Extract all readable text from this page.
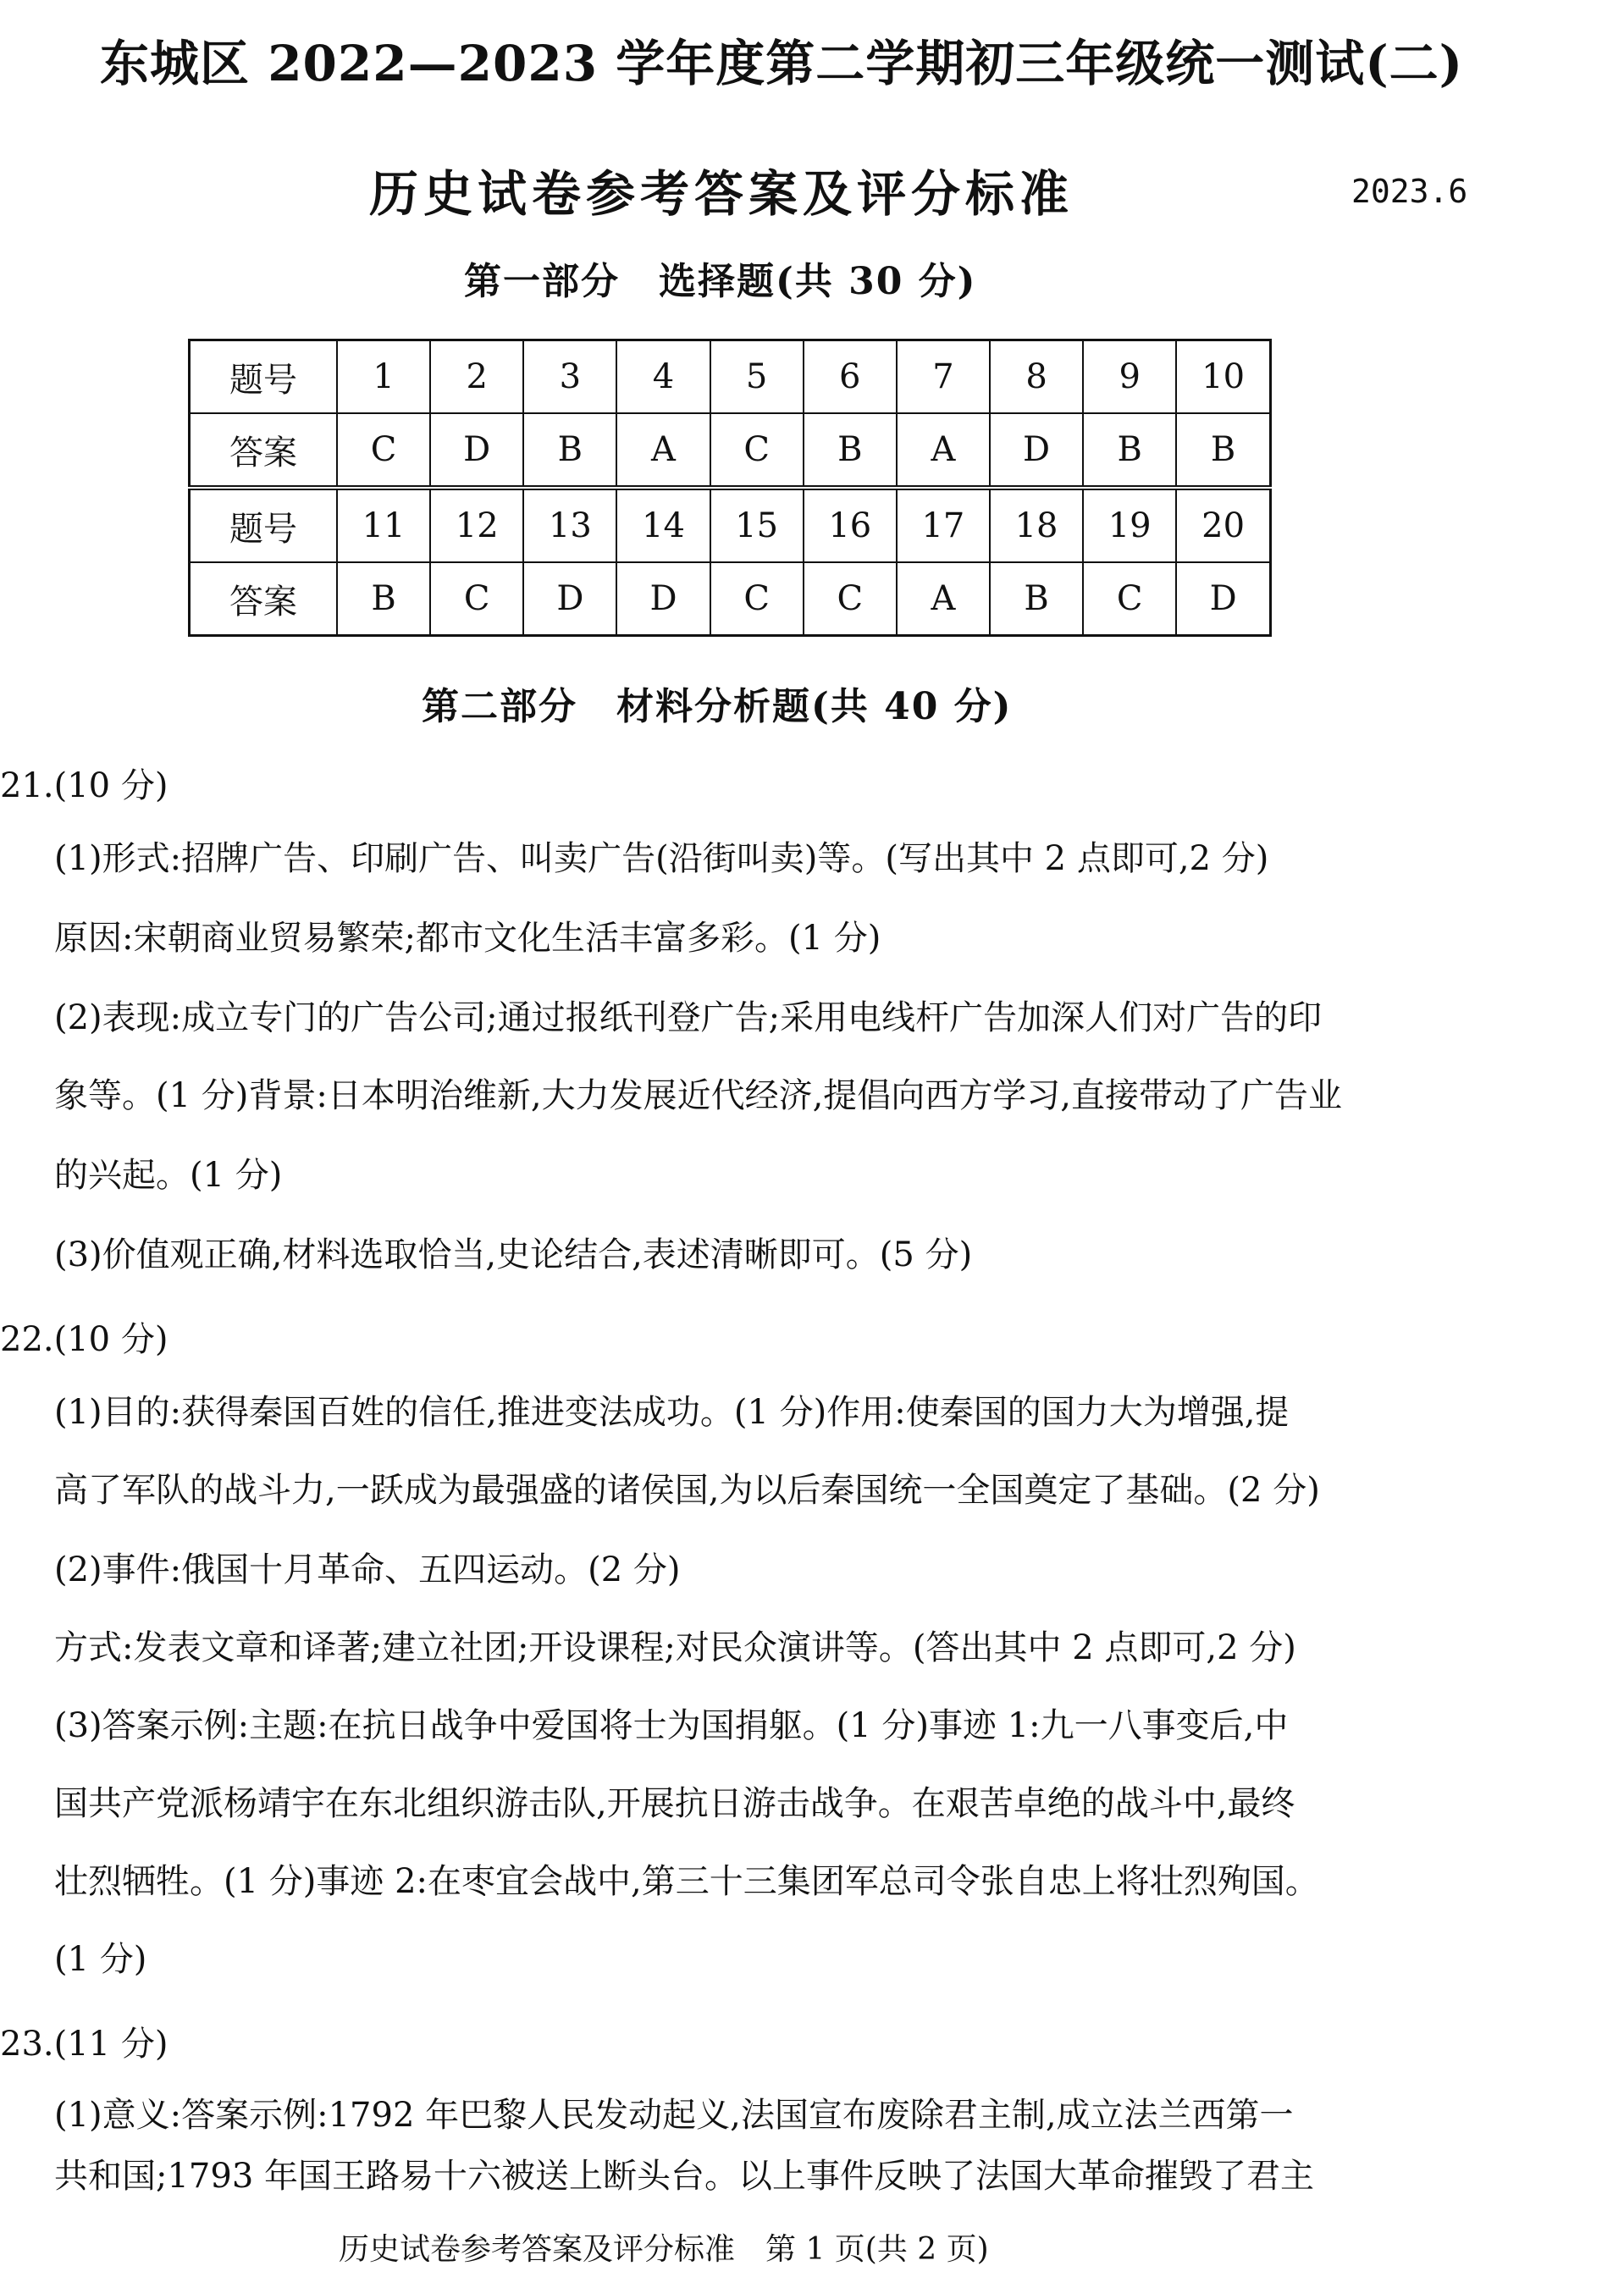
东城区 2022—2023 学年度第二学期初三年级统一测试(二)
历史试卷参考答案及评分标准	2023.6
第一部分　选择题(共 30 分)
题号	1	2	3	4	5	6	7	8	9	10
答案	C	D	B	A	C	B	A	D	B	B
题号	11	12	13	14	15	16	17	18	19	20
答案	B	C	D	D	C	C	A	B	C	D
第二部分　材料分析题(共 40 分)
21.(10 分)
(1)形式:招牌广告、印刷广告、叫卖广告(沿街叫卖)等。(写出其中 2 点即可,2 分)
原因:宋朝商业贸易繁荣;都市文化生活丰富多彩。(1 分)
(2)表现:成立专门的广告公司;通过报纸刊登广告;采用电线杆广告加深人们对广告的印
象等。(1 分)背景:日本明治维新,大力发展近代经济,提倡向西方学习,直接带动了广告业
的兴起。(1 分)
(3)价值观正确,材料选取恰当,史论结合,表述清晰即可。(5 分)
22.(10 分)
(1)目的:获得秦国百姓的信任,推进变法成功。(1 分)作用:使秦国的国力大为增强,提
高了军队的战斗力,一跃成为最强盛的诸侯国,为以后秦国统一全国奠定了基础。(2 分)
(2)事件:俄国十月革命、五四运动。(2 分)
方式:发表文章和译著;建立社团;开设课程;对民众演讲等。(答出其中 2 点即可,2 分)
(3)答案示例:主题:在抗日战争中爱国将士为国捐躯。(1 分)事迹 1:九一八事变后,中
国共产党派杨靖宇在东北组织游击队,开展抗日游击战争。在艰苦卓绝的战斗中,最终
壮烈牺牲。(1 分)事迹 2:在枣宜会战中,第三十三集团军总司令张自忠上将壮烈殉国。
(1 分)
23.(11 分)
(1)意义:答案示例:1792 年巴黎人民发动起义,法国宣布废除君主制,成立法兰西第一
共和国;1793 年国王路易十六被送上断头台。以上事件反映了法国大革命摧毁了君主
历史试卷参考答案及评分标准　第 1 页(共 2 页)
